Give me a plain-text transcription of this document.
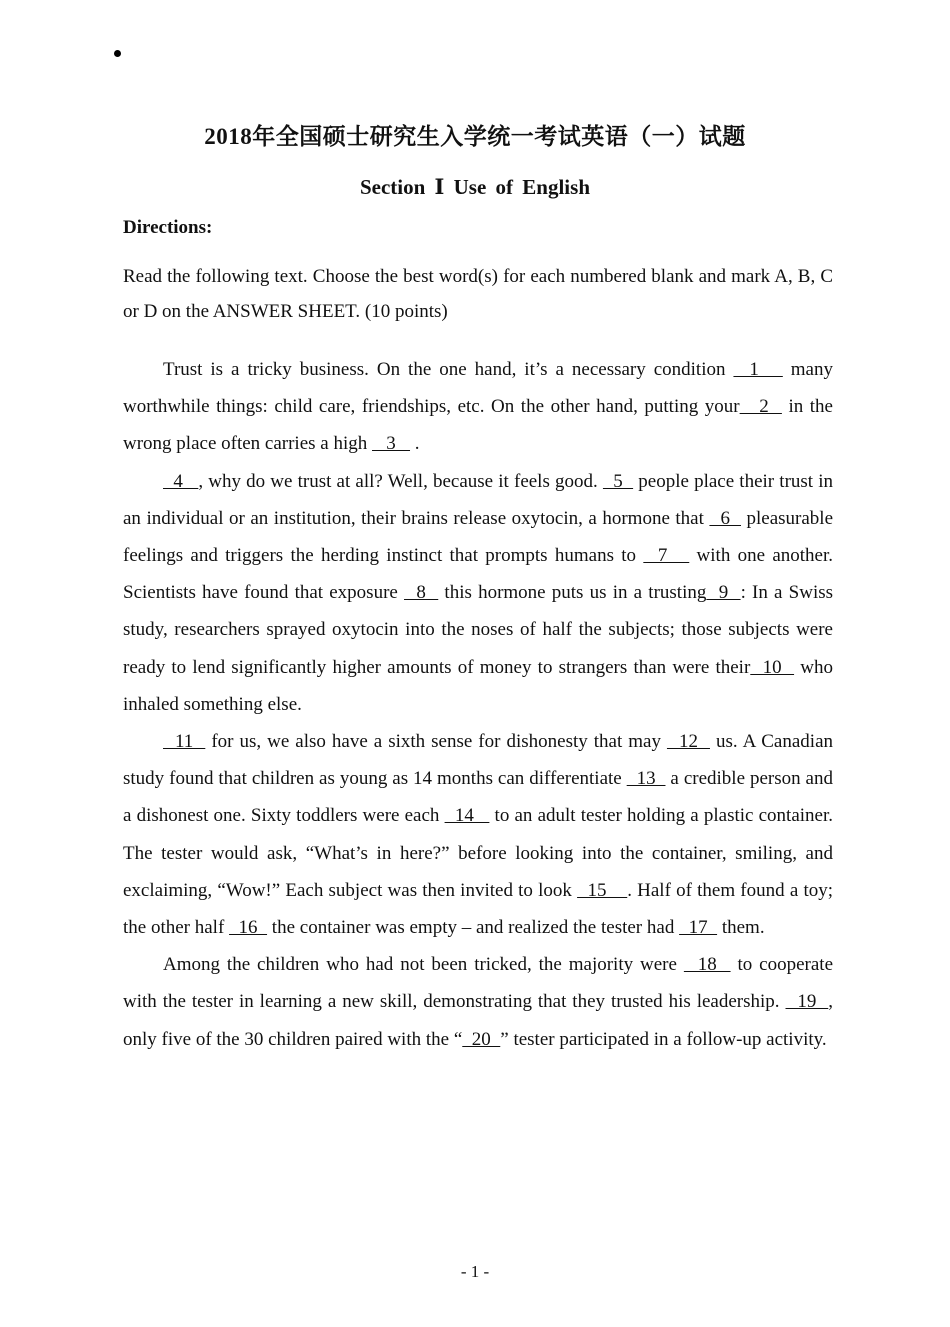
2018年全国硕士研究生入学统一考试英语（一）试题
Section Ⅰ Use of English
Directions:
Read the following text. Choose the best word(s) for each numbered blank and mark A, B, C or D on the ANSWER SHEET. (10 points)

Trust is a tricky business. On the one hand, it’s a necessary condition   1    many worthwhile things: child care, friendships, etc. On the other hand, putting your   2   in the wrong place often carries a high    3    .

4   , why do we trust at all? Well, because it feels good.   5   people place their trust in an individual or an institution, their brains release oxytocin, a hormone that   6   pleasurable feelings and triggers the herding instinct that prompts humans to   7    with one another. Scientists have found that exposure   8   this hormone puts us in a trusting  9  : In a Swiss study, researchers sprayed oxytocin into the noses of half the subjects; those subjects were ready to lend significantly higher amounts of money to strangers than were their  10   who inhaled something else.

11   for us, we also have a sixth sense for dishonesty that may   12   us. A Canadian study found that children as young as 14 months can differentiate   13   a credible person and a dishonest one. Sixty toddlers were each   14    to an adult tester holding a plastic container. The tester would ask, “What’s in here?” before looking into the container, smiling, and exclaiming, “Wow!” Each subject was then invited to look   15    . Half of them found a toy; the other half   16   the container was empty – and realized the tester had   17   them.

Among the children who had not been tricked, the majority were   18   to cooperate with the tester in learning a new skill, demonstrating that they trusted his leadership.   19  , only five of the 30 children paired with the “  20  ” tester participated in a follow-up activity.

- 1 -
